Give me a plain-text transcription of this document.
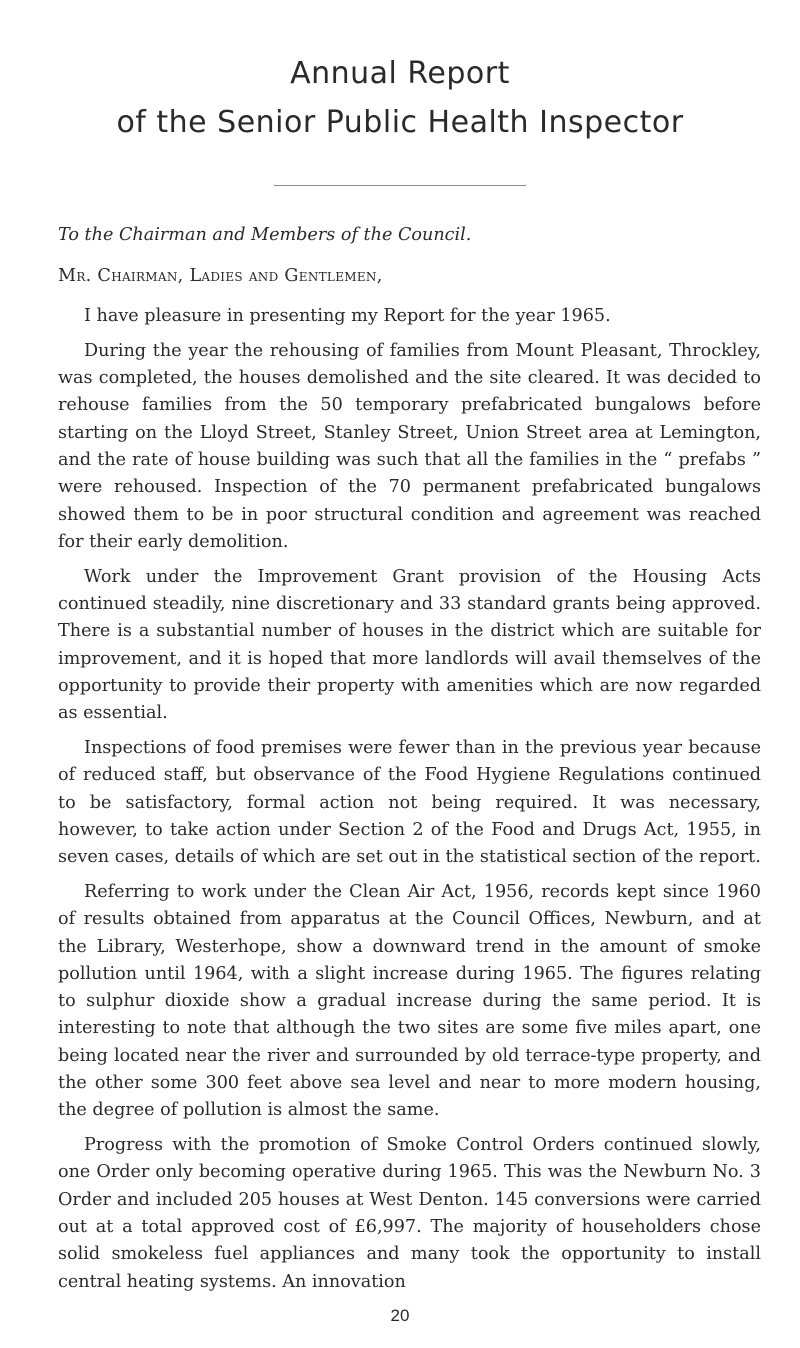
Annual Report
of the Senior Public Health Inspector
To the Chairman and Members of the Council.
Mr. Chairman, Ladies and Gentlemen,

I have pleasure in presenting my Report for the year 1965.

During the year the rehousing of families from Mount Pleasant, Throckley, was completed, the houses demolished and the site cleared. It was decided to rehouse families from the 50 temporary prefabricated bungalows before starting on the Lloyd Street, Stanley Street, Union Street area at Lemington, and the rate of house building was such that all the families in the “ prefabs ” were rehoused. Inspection of the 70 permanent prefabricated bungalows showed them to be in poor structural condition and agreement was reached for their early demolition.

Work under the Improvement Grant provision of the Housing Acts continued steadily, nine discretionary and 33 standard grants being approved. There is a substantial number of houses in the district which are suitable for improvement, and it is hoped that more landlords will avail themselves of the opportunity to provide their property with amenities which are now regarded as essential.

Inspections of food premises were fewer than in the previous year because of reduced staff, but observance of the Food Hygiene Regulations continued to be satisfactory, formal action not being required. It was necessary, however, to take action under Section 2 of the Food and Drugs Act, 1955, in seven cases, details of which are set out in the statistical section of the report.

Referring to work under the Clean Air Act, 1956, records kept since 1960 of results obtained from apparatus at the Council Offices, Newburn, and at the Library, Westerhope, show a downward trend in the amount of smoke pollution until 1964, with a slight increase during 1965. The figures relating to sulphur dioxide show a gradual increase during the same period. It is interesting to note that although the two sites are some five miles apart, one being located near the river and surrounded by old terrace-type property, and the other some 300 feet above sea level and near to more modern housing, the degree of pollution is almost the same.

Progress with the promotion of Smoke Control Orders continued slowly, one Order only becoming operative during 1965. This was the Newburn No. 3 Order and included 205 houses at West Denton. 145 conversions were carried out at a total approved cost of £6,997. The majority of householders chose solid smokeless fuel appliances and many took the opportunity to install central heating systems. An innovation

20
